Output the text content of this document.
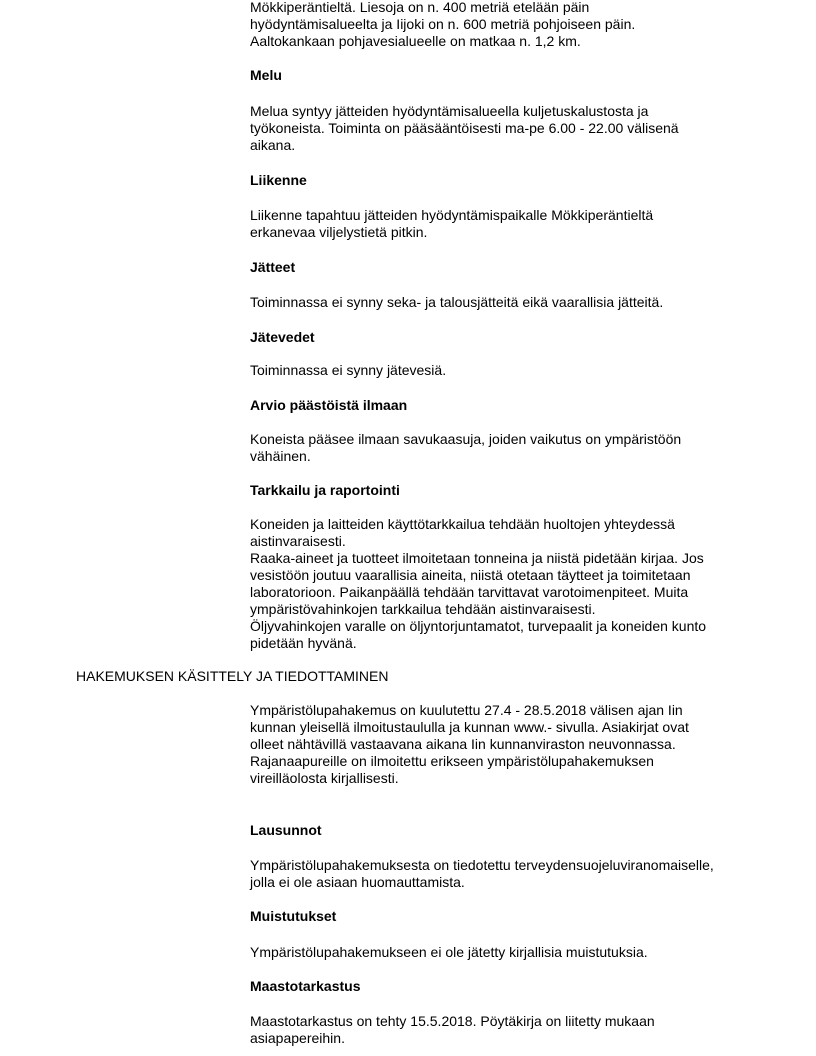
Mökkiperäntieltä. Liesoja on n. 400 metriä etelään päin

hyödyntämisalueelta ja Iijoki on n. 600 metriä pohjoiseen päin.

Aaltokankaan pohjavesialueelle on matkaa n. 1,2 km.

Melu

Melua syntyy jätteiden hyödyntämisalueella kuljetuskalustosta ja

työkoneista. Toiminta on pääsääntöisesti ma-pe 6.00 - 22.00 välisenä

aikana.

Liikenne

Liikenne tapahtuu jätteiden hyödyntämispaikalle Mökkiperäntieltä

erkanevaa viljelystietä pitkin.

Jätteet

Toiminnassa ei synny seka- ja talousjätteitä eikä vaarallisia jätteitä.

Jätevedet

Toiminnassa ei synny jätevesiä.

Arvio päästöistä ilmaan

Koneista pääsee ilmaan savukaasuja, joiden vaikutus on ympäristöön

vähäinen.

Tarkkailu ja raportointi

Koneiden ja laitteiden käyttötarkkailua tehdään huoltojen yhteydessä

aistinvaraisesti.

Raaka-aineet ja tuotteet ilmoitetaan tonneina ja niistä pidetään kirjaa. Jos

vesistöön joutuu vaarallisia aineita, niistä otetaan täytteet ja toimitetaan

laboratorioon. Paikanpäällä tehdään tarvittavat varotoimenpiteet. Muita

ympäristövahinkojen tarkkailua tehdään aistinvaraisesti.

Öljyvahinkojen varalle on öljyntorjuntamatot, turvepaalit ja koneiden kunto

pidetään hyvänä.

HAKEMUKSEN KÄSITTELY JA TIEDOTTAMINEN

Ympäristölupahakemus on kuulutettu 27.4 - 28.5.2018 välisen ajan Iin

kunnan yleisellä ilmoitustaululla ja kunnan www.- sivulla. Asiakirjat ovat

olleet nähtävillä vastaavana aikana Iin kunnanviraston neuvonnassa.

Rajanaapureille on ilmoitettu erikseen ympäristölupahakemuksen

vireilläolosta kirjallisesti.

Lausunnot

Ympäristölupahakemuksesta on tiedotettu terveydensuojeluviranomaiselle,

jolla ei ole asiaan huomauttamista.

Muistutukset

Ympäristölupahakemukseen ei ole jätetty kirjallisia muistutuksia.

Maastotarkastus

Maastotarkastus on tehty 15.5.2018. Pöytäkirja on liitetty mukaan

asiapapereihin.
